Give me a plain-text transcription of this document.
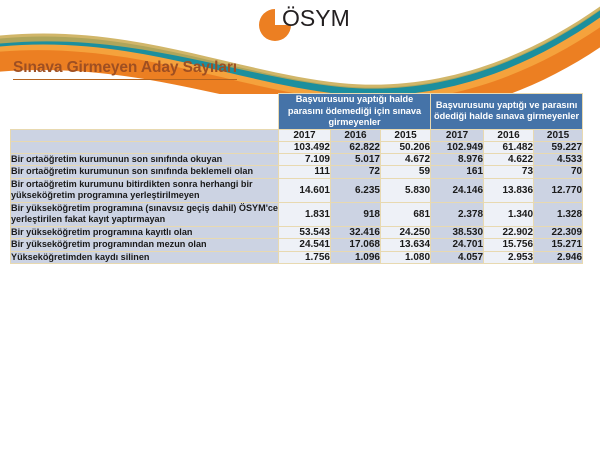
ÖSYM
Sınava Girmeyen Aday Sayıları
	Başvurusunu yaptığı halde parasını ödemediği için sınava girmeyenler			Başvurusunu yaptığı ve parasını ödediği halde sınava girmeyenler		
	2017	2016	2015	2017	2016	2015
	103.492	62.822	50.206	102.949	61.482	59.227
Bir ortaöğretim kurumunun son sınıfında okuyan	7.109	5.017	4.672	8.976	4.622	4.533
Bir ortaöğretim kurumunun son sınıfında beklemeli olan	111	72	59	161	73	70
Bir ortaöğretim kurumunu bitirdikten sonra herhangi bir yükseköğretim programına yerleştirilmeyen	14.601	6.235	5.830	24.146	13.836	12.770
Bir yükseköğretim programına (sınavsız geçiş dahil) ÖSYM'ce yerleştirilen fakat kayıt yaptırmayan	1.831	918	681	2.378	1.340	1.328
Bir yükseköğretim programına kayıtlı olan	53.543	32.416	24.250	38.530	22.902	22.309
Bir yükseköğretim programından mezun olan	24.541	17.068	13.634	24.701	15.756	15.271
Yükseköğretimden kaydı silinen	1.756	1.096	1.080	4.057	2.953	2.946
